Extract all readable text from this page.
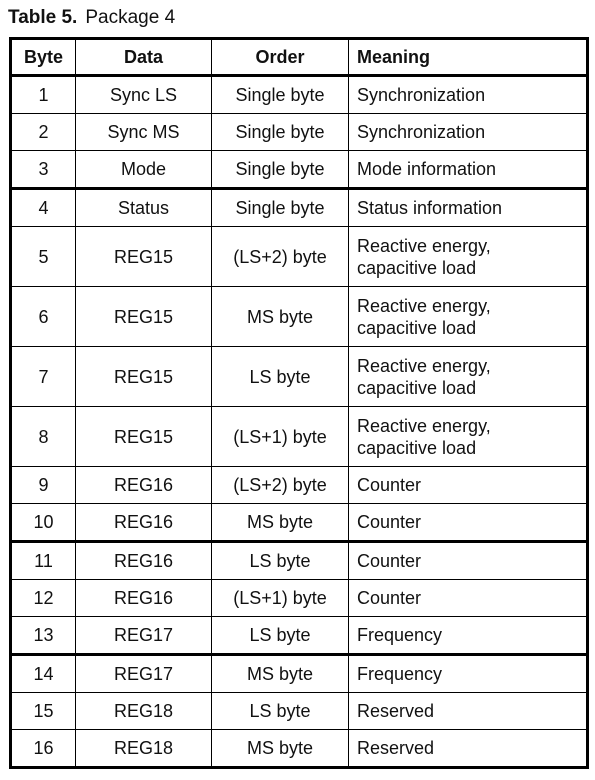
Table 5. Package 4
Byte	Data	Order	Meaning
1	Sync LS	Single byte	Synchronization

2	Sync MS	Single byte	Synchronization

3	Mode	Single byte	Mode information

4	Status	Single byte	Status information

5	REG15	(LS+2) byte	Reactive energy,
capacitive load

6	REG15	MS byte	Reactive energy,
capacitive load

7	REG15	LS byte	Reactive energy,
capacitive load

8	REG15	(LS+1) byte	Reactive energy,
capacitive load

9	REG16	(LS+2) byte	Counter

10	REG16	MS byte	Counter

11	REG16	LS byte	Counter

12	REG16	(LS+1) byte	Counter

13	REG17	LS byte	Frequency

14	REG17	MS byte	Frequency

15	REG18	LS byte	Reserved

16	REG18	MS byte	Reserved
